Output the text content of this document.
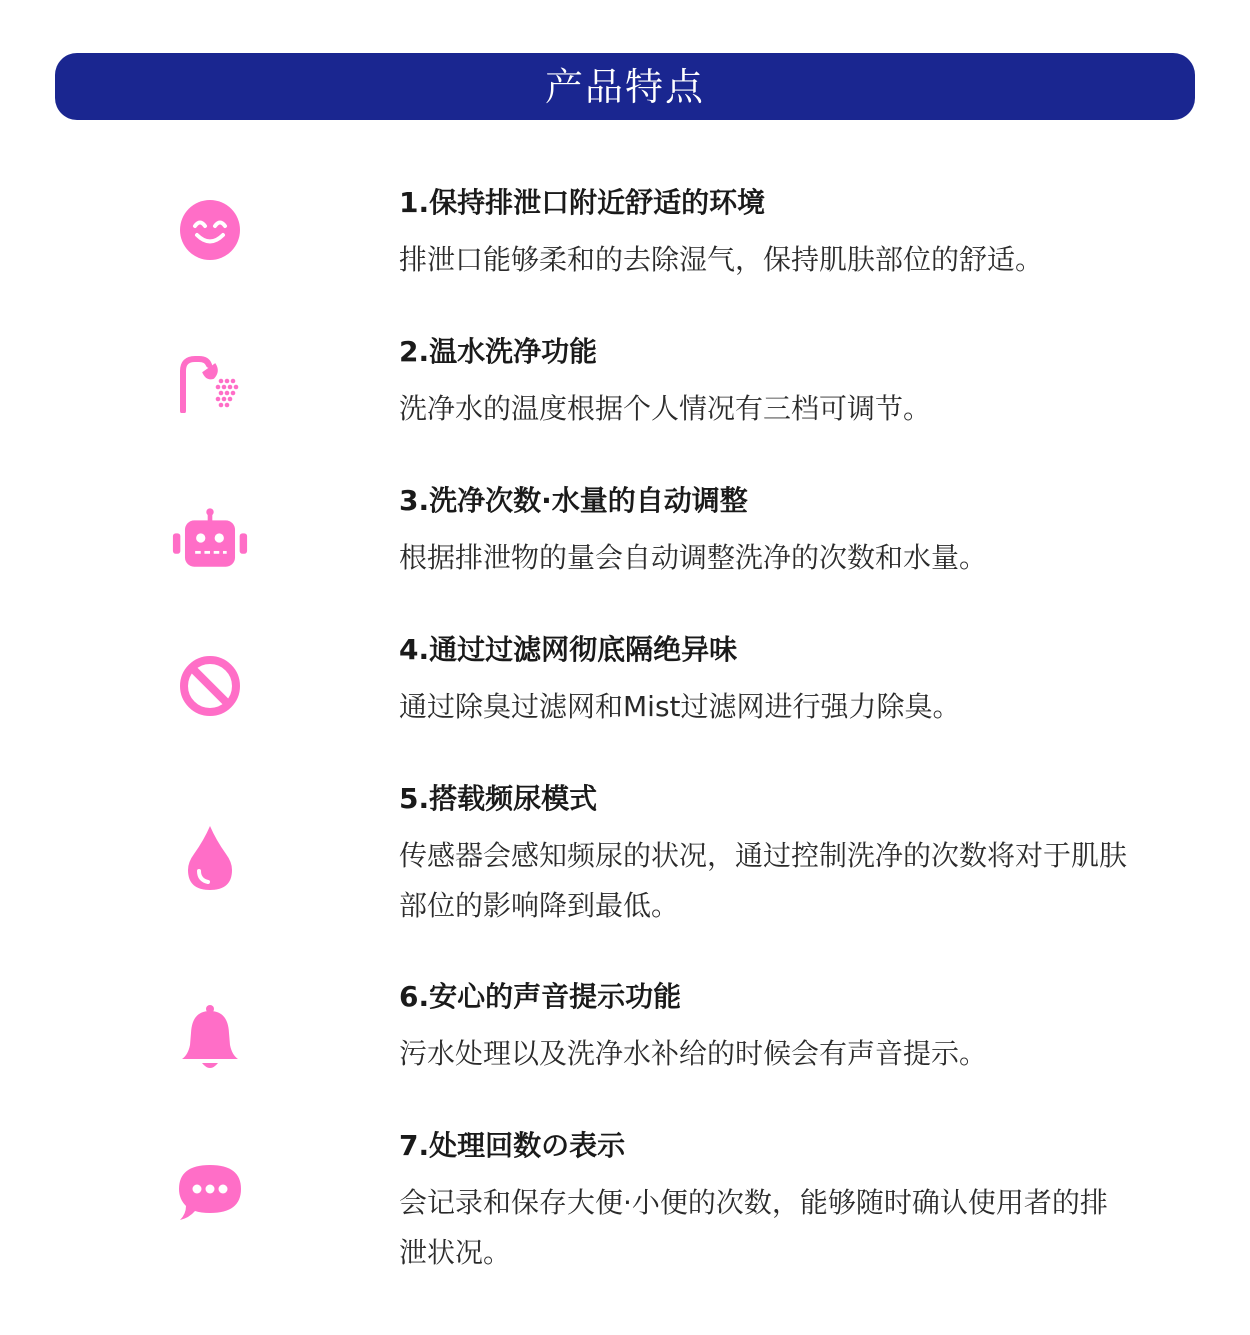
产品特点
1.保持排泄口附近舒适的环境
排泄口能够柔和的去除湿气，保持肌肤部位的舒适。
2.温水洗净功能
洗净水的温度根据个人情况有三档可调节。
3.洗净次数·水量的自动调整
根据排泄物的量会自动调整洗净的次数和水量。
4.通过过滤网彻底隔绝异味
通过除臭过滤网和Mist过滤网进行强力除臭。
5.搭载频尿模式
传感器会感知频尿的状况，通过控制洗净的次数将对于肌肤部位的影响降到最低。
6.安心的声音提示功能
污水处理以及洗净水补给的时候会有声音提示。
7.处理回数の表示
会记录和保存大便·小便的次数，能够随时确认使用者的排泄状况。
